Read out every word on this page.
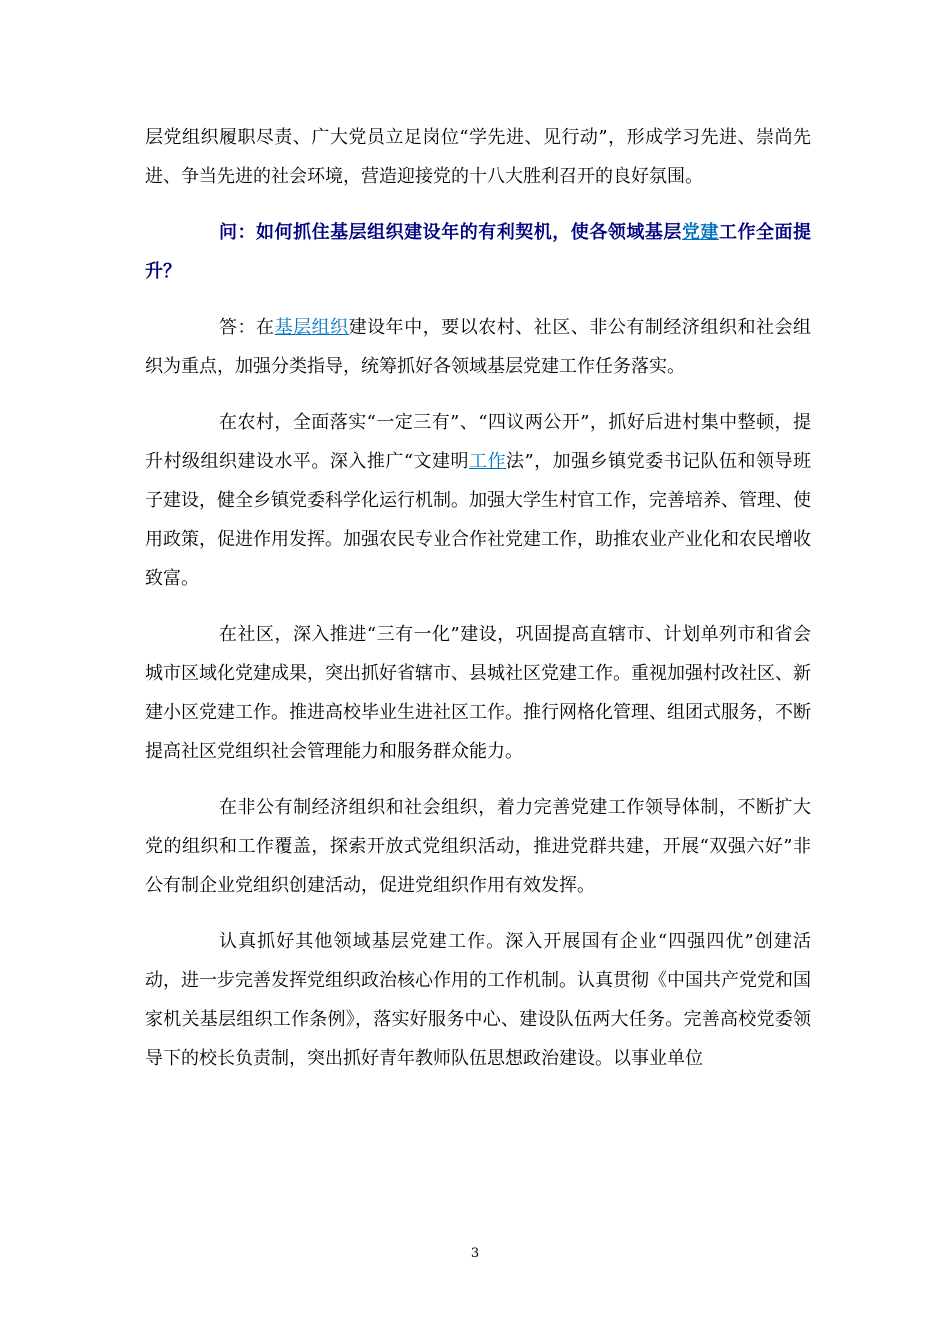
层党组织履职尽责、广大党员立足岗位“学先进、见行动”，形成学习先进、崇尚先进、争当先进的社会环境，营造迎接党的十八大胜利召开的良好氛围。

问：如何抓住基层组织建设年的有利契机，使各领域基层党建工作全面提升？

答：在基层组织建设年中，要以农村、社区、非公有制经济组织和社会组织为重点，加强分类指导，统筹抓好各领域基层党建工作任务落实。

在农村，全面落实“一定三有”、“四议两公开”，抓好后进村集中整顿，提升村级组织建设水平。深入推广“文建明工作法”，加强乡镇党委书记队伍和领导班子建设，健全乡镇党委科学化运行机制。加强大学生村官工作，完善培养、管理、使用政策，促进作用发挥。加强农民专业合作社党建工作，助推农业产业化和农民增收致富。

在社区，深入推进“三有一化”建设，巩固提高直辖市、计划单列市和省会城市区域化党建成果，突出抓好省辖市、县城社区党建工作。重视加强村改社区、新建小区党建工作。推进高校毕业生进社区工作。推行网格化管理、组团式服务，不断提高社区党组织社会管理能力和服务群众能力。

在非公有制经济组织和社会组织，着力完善党建工作领导体制，不断扩大党的组织和工作覆盖，探索开放式党组织活动，推进党群共建，开展“双强六好”非公有制企业党组织创建活动，促进党组织作用有效发挥。

认真抓好其他领域基层党建工作。深入开展国有企业“四强四优”创建活动，进一步完善发挥党组织政治核心作用的工作机制。认真贯彻《中国共产党党和国家机关基层组织工作条例》，落实好服务中心、建设队伍两大任务。完善高校党委领导下的校长负责制，突出抓好青年教师队伍思想政治建设。以事业单位

3
